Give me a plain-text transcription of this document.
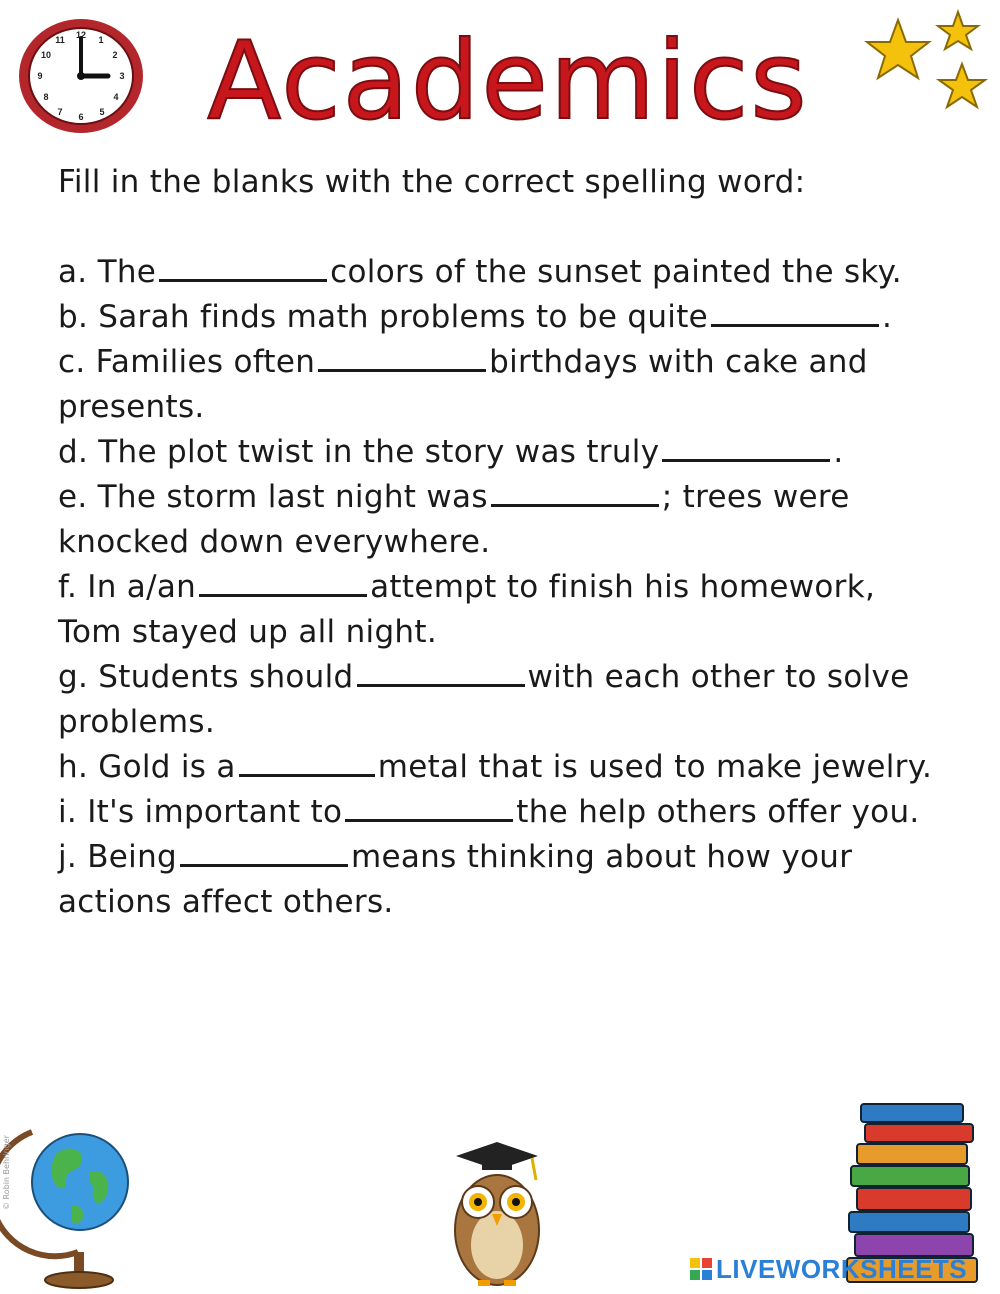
12 1
2
3
4
5
6
7
8
9
10
11 Academics
Fill in the blanks with the correct spelling word:

a. The	colors of the sunset painted the sky.

b. Sarah finds math problems to be quite	.

c. Families often	birthdays with cake and presents.

d. The plot twist in the story was truly	.

e. The storm last night was	; trees were knocked down everywhere.

f. In a/an	attempt to finish his homework, Tom stayed up all night.

g. Students should	with each other to solve problems.

h. Gold is a	metal that is used to make jewelry.

i. It's important to	the help others offer you.

j. Being	means thinking about how your actions affect others.

© Robin Behringer
LIVEWORKSHEETS
